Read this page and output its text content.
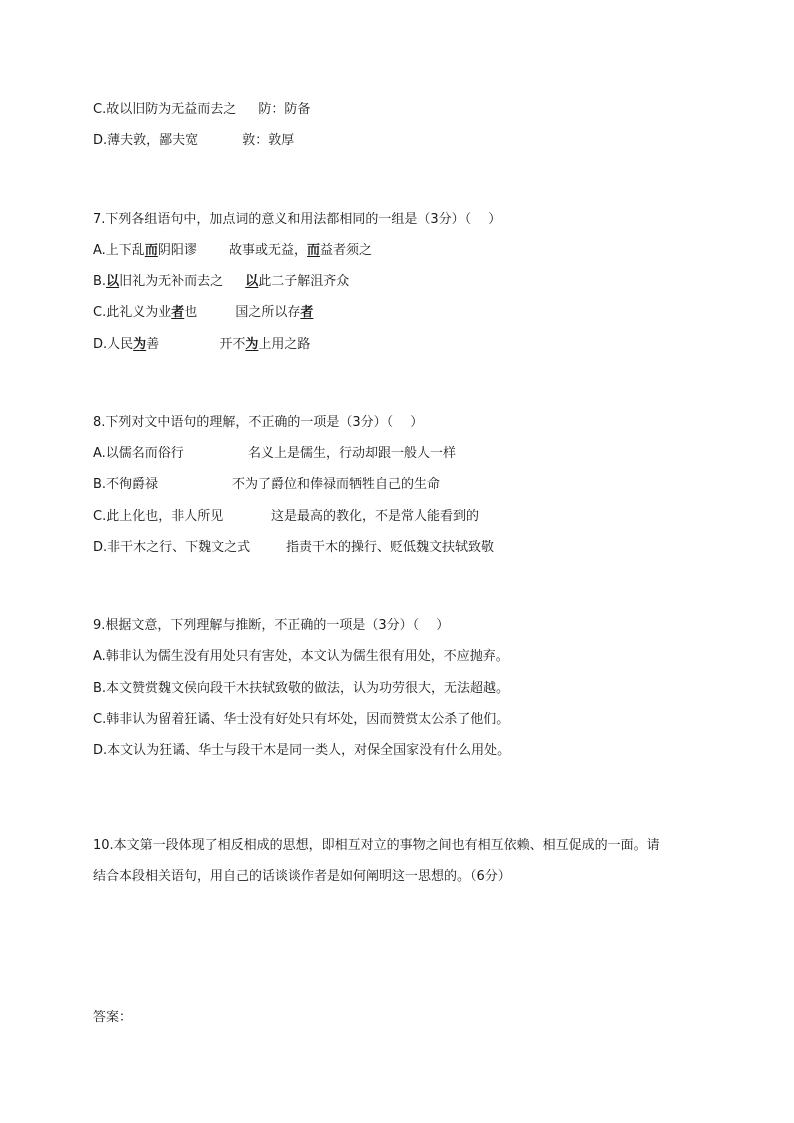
C.故以旧防为无益而去之 防：防备
D.薄夫敦，鄙夫宽	敦：敦厚
7.下列各组语句中，加点词的意义和用法都相同的一组是（3分）（　 ）
A.上下乱而阴阳谬 故事或无益，而益者须之
B.以旧礼为无补而去之 以此二子解沮齐众
C.此礼义为业者也	国之所以存者
D.人民为善	开不为上用之路
8.下列对文中语句的理解，不正确的一项是（3分）（　 ）
A.以儒名而俗行	名义上是儒生，行动却跟一般人一样
B.不徇爵禄	不为了爵位和俸禄而牺牲自己的生命
C.此上化也，非人所见	这是最高的教化，不是常人能看到的
D.非干木之行、下魏文之式	指责干木的操行、贬低魏文扶轼致敬
9.根据文意，下列理解与推断，不正确的一项是（3分）（　 ）
A.韩非认为儒生没有用处只有害处，本文认为儒生很有用处，不应抛弃。
B.本文赞赏魏文侯向段干木扶轼致敬的做法，认为功劳很大，无法超越。
C.韩非认为留着狂谲、华士没有好处只有坏处，因而赞赏太公杀了他们。
D.本文认为狂谲、华士与段干木是同一类人，对保全国家没有什么用处。
10.本文第一段体现了相反相成的思想，即相互对立的事物之间也有相互依赖、相互促成的一面。请
结合本段相关语句，用自己的话谈谈作者是如何阐明这一思想的。（6分）
答案：
